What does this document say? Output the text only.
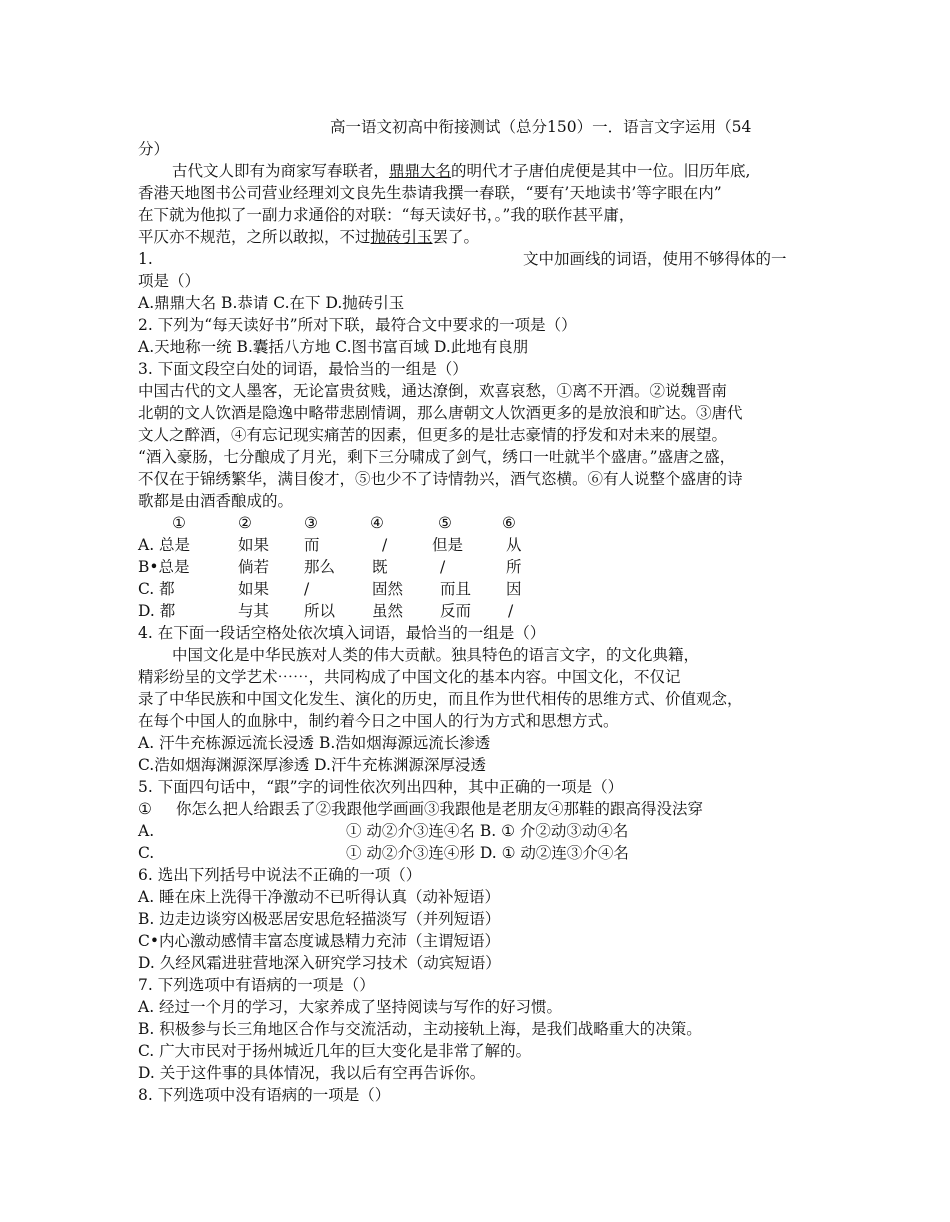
高一语文初高中衔接测试（总分150）一．语言文字运用（54
分）
古代文人即有为商家写春联者，鼎鼎大名的明代才子唐伯虎便是其中一位。旧历年底,
香港天地图书公司营业经理刘文良先生恭请我撰一春联，“要有’天地读书’等字眼在内”
在下就为他拟了一副力求通俗的对联：“每天读好书，。”我的联作甚平庸，
平仄亦不规范，之所以敢拟，不过抛砖引玉罢了。
1.	文中加画线的词语，使用不够得体的一
项是（）
A.鼎鼎大名 B.恭请 C.在下 D.抛砖引玉
2. 下列为“每天读好书”所对下联，最符合文中要求的一项是（）
A.天地称一统 B.囊括八方地 C.图书富百域 D.此地有良朋
3. 下面文段空白处的词语，最恰当的一组是（）
中国古代的文人墨客，无论富贵贫贱，通达潦倒，欢喜哀愁，①离不开酒。②说魏晋南
北朝的文人饮酒是隐逸中略带悲剧情调，那么唐朝文人饮酒更多的是放浪和旷达。③唐代
文人之醉酒，④有忘记现实痛苦的因素，但更多的是壮志豪情的抒发和对未来的展望。
“酒入豪肠，七分酿成了月光，剩下三分啸成了剑气，绣口一吐就半个盛唐。”盛唐之盛，
不仅在于锦绣繁华，满目俊才，⑤也少不了诗情勃兴，酒气恣横。⑥有人说整个盛唐的诗
歌都是由酒香酿成的。
①	②	③	④	⑤	⑥
A. 总是	如果 而	/	但是	从
B•总是	倘若 那么 既	/	所
C. 都	如果 /	固然 而且 因
D. 都	与其 所以 虽然 反而 /
4. 在下面一段话空格处依次填入词语，最恰当的一组是（）
中国文化是中华民族对人类的伟大贡献。独具特色的语言文字，的文化典籍，
精彩纷呈的文学艺术⋯⋯，共同构成了中国文化的基本内容。中国文化，不仅记
录了中华民族和中国文化发生、演化的历史，而且作为世代相传的思维方式、价值观念，
在每个中国人的血脉中，制约着今日之中国人的行为方式和思想方式。
A. 汗牛充栋源远流长浸透 B.浩如烟海源远流长渗透
C.浩如烟海渊源深厚渗透 D.汗牛充栋渊源深厚浸透
5. 下面四句话中，“跟”字的词性依次列出四种，其中正确的一项是（）
① 你怎么把人给跟丢了②我跟他学画画③我跟他是老朋友④那鞋的跟高得没法穿
A.	① 动②介③连④名 B. ① 介②动③动④名
C.	① 动②介③连④形 D. ① 动②连③介④名
6. 选出下列括号中说法不正确的一项（）
A. 睡在床上洗得干净激动不已听得认真（动补短语）
B. 边走边谈穷凶极恶居安思危轻描淡写（并列短语）
C•内心激动感情丰富态度诚恳精力充沛（主谓短语）
D. 久经风霜进驻营地深入研究学习技术（动宾短语）
7. 下列选项中有语病的一项是（）
A. 经过一个月的学习，大家养成了坚持阅读与写作的好习惯。
B. 积极参与长三角地区合作与交流活动，主动接轨上海，是我们战略重大的决策。
C. 广大市民对于扬州城近几年的巨大变化是非常了解的。
D. 关于这件事的具体情况，我以后有空再告诉你。
8. 下列选项中没有语病的一项是（）
